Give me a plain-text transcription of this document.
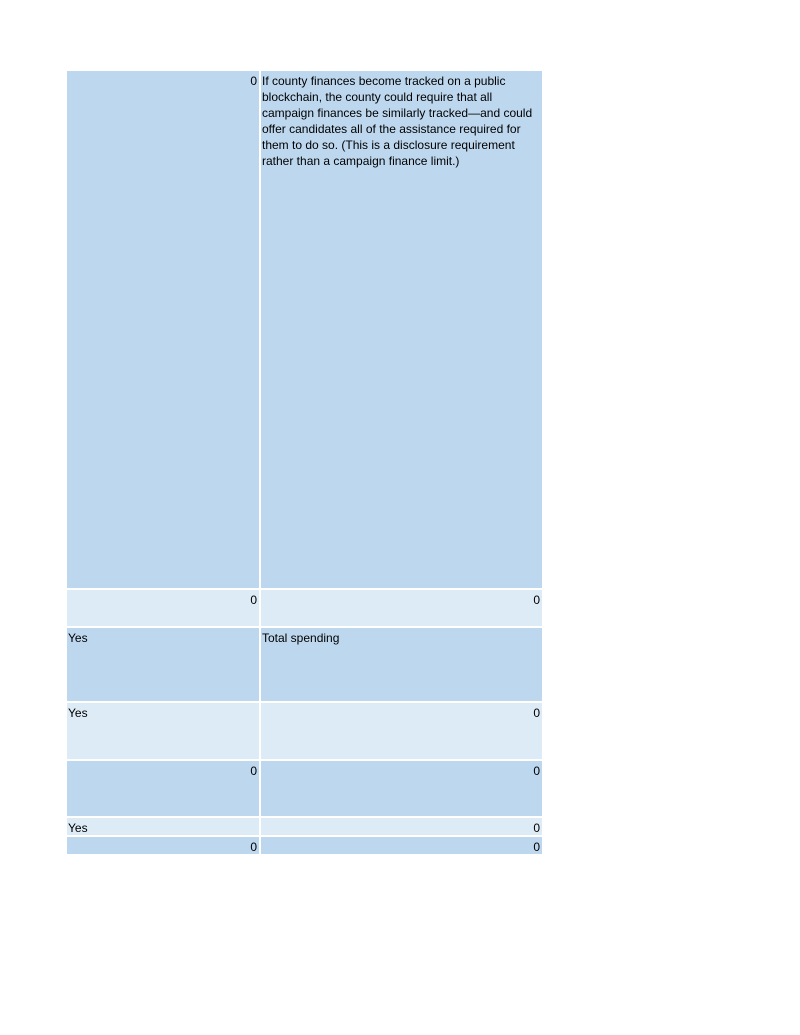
0 If county finances become tracked on a public blockchain, the county could require that all campaign finances be similarly tracked—and could offer candidates all of the assistance required for them to do so. (This is a disclosure requirement rather than a campaign finance limit.)
0	0
Yes	Total spending
Yes	0
0	0
Yes	0
0	0
